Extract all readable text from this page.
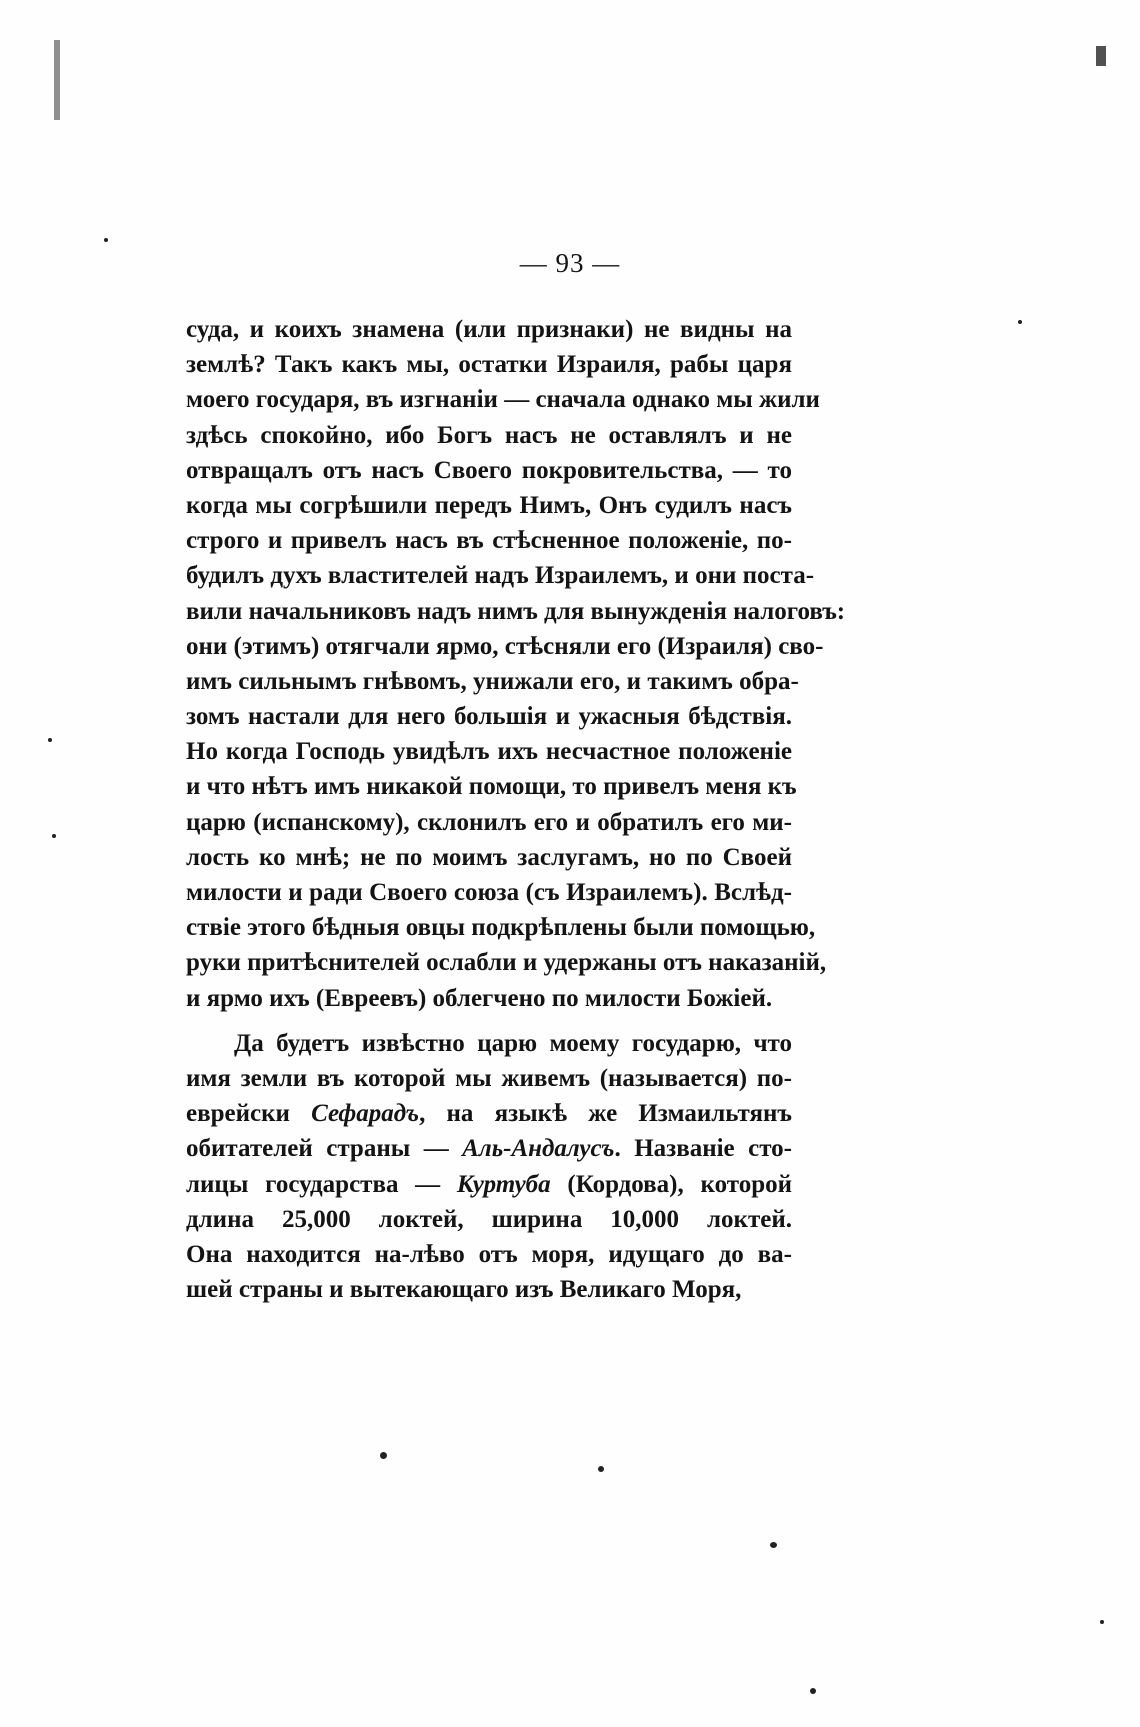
— 93 —
суда, и коихъ знамена (или признаки) не видны на
землѣ? Такъ какъ мы, остатки Израиля, рабы царя
моего государя, въ изгнаніи — сначала однако мы жили
здѣсь спокойно, ибо Богъ насъ не оставлялъ и не
отвращалъ отъ насъ Своего покровительства, — то
когда мы согрѣшили передъ Нимъ, Онъ судилъ насъ
строго и привелъ насъ въ стѣсненное положеніе, по-
будилъ духъ властителей надъ Израилемъ, и они поста-
вили начальниковъ надъ нимъ для вынужденія налоговъ:
они (этимъ) отягчали ярмо, стѣсняли его (Израиля) сво-
имъ сильнымъ гнѣвомъ, унижали его, и такимъ обра-
зомъ настали для него большія и ужасныя бѣдствія.
Но когда Господь увидѣлъ ихъ несчастное положеніе
и что нѣтъ имъ никакой помощи, то привелъ меня къ
царю (испанскому), склонилъ его и обратилъ его ми-
лость ко мнѣ; не по моимъ заслугамъ, но по Своей
милости и ради Своего союза (съ Израилемъ). Вслѣд-
ствіе этого бѣдныя овцы подкрѣплены были помощью,
руки притѣснителей ослабли и удержаны отъ наказаній,
и ярмо ихъ (Евреевъ) облегчено по милости Божіей.
Да будетъ извѣстно царю моему государю, что
имя земли въ которой мы живемъ (называется) по-
еврейски Сефарадъ, на языкѣ же Измаильтянъ
обитателей страны — Аль-Андалусъ. Названіе сто-
лицы государства — Куртуба (Кордова), которой
длина 25,000 локтей, ширина 10,000 локтей.
Она находится на-лѣво отъ моря, идущаго до ва-
шей страны и вытекающаго изъ Великаго Моря,
